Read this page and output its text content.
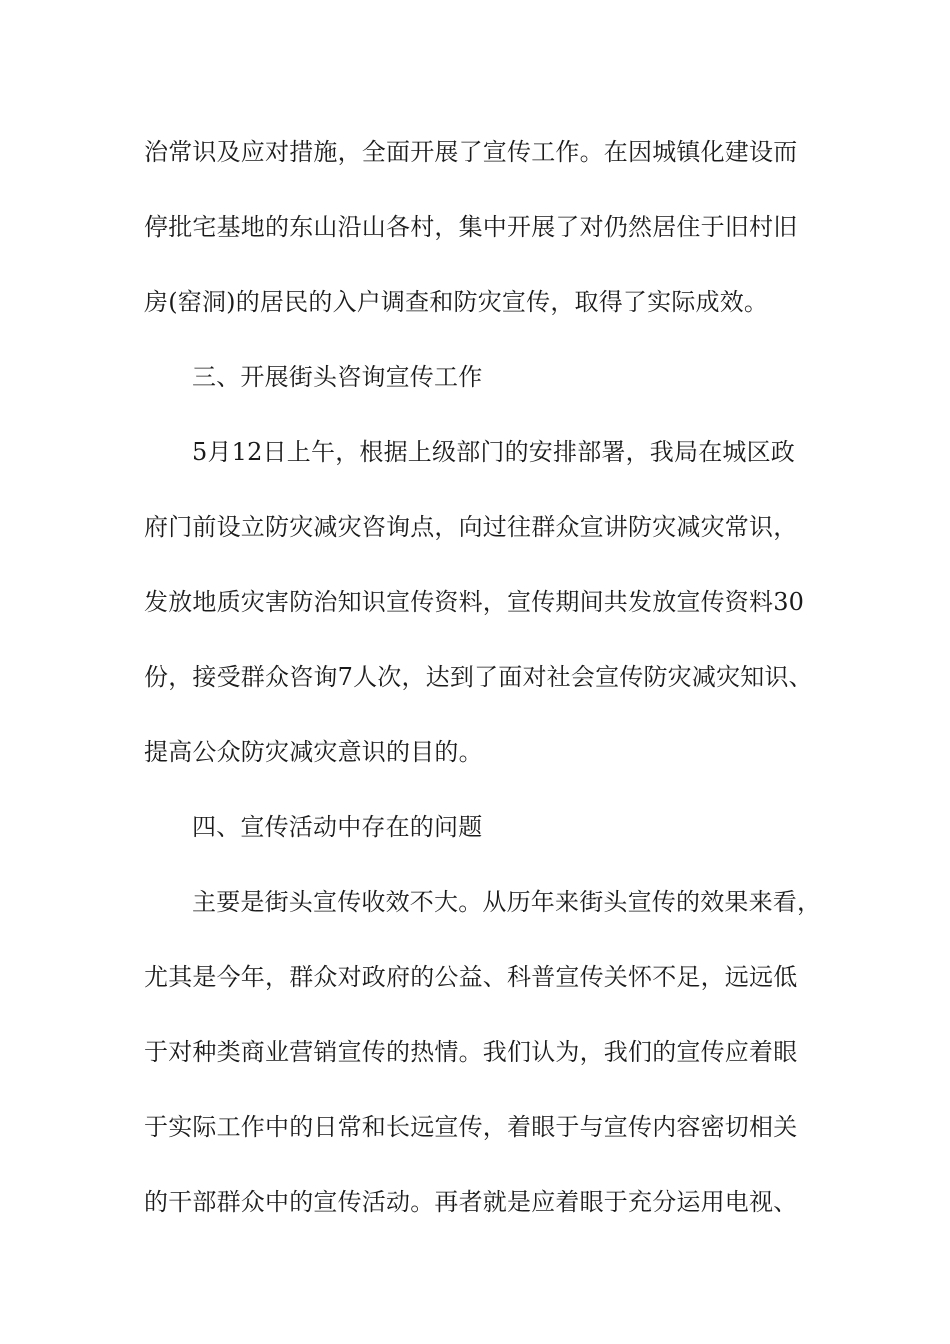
治常识及应对措施，全面开展了宣传工作。在因城镇化建设而
停批宅基地的东山沿山各村，集中开展了对仍然居住于旧村旧
房(窑洞)的居民的入户调查和防灾宣传，取得了实际成效。
三、开展街头咨询宣传工作
5月12日上午，根据上级部门的安排部署，我局在城区政
府门前设立防灾减灾咨询点，向过往群众宣讲防灾减灾常识，
发放地质灾害防治知识宣传资料，宣传期间共发放宣传资料30
份，接受群众咨询7人次，达到了面对社会宣传防灾减灾知识、
提高公众防灾减灾意识的目的。
四、宣传活动中存在的问题
主要是街头宣传收效不大。从历年来街头宣传的效果来看，
尤其是今年，群众对政府的公益、科普宣传关怀不足，远远低
于对种类商业营销宣传的热情。我们认为，我们的宣传应着眼
于实际工作中的日常和长远宣传，着眼于与宣传内容密切相关
的干部群众中的宣传活动。再者就是应着眼于充分运用电视、
